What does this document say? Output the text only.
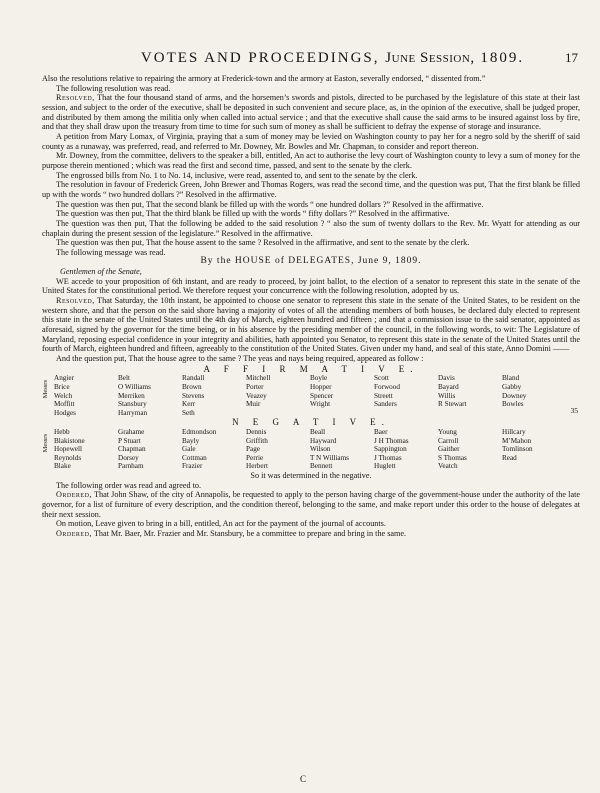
VOTES AND PROCEEDINGS, June Session, 1809.	17

Also the resolutions relative to repairing the armory at Frederick-town and the armory at Easton, severally endorsed, “ dissented from.”

The following resolution was read.

Resolved, That the four thousand stand of arms, and the horsemen’s swords and pistols, directed to be purchased by the legislature of this state at their last session, and subject to the order of the executive, shall be deposited in such convenient and secure place, as, in the opinion of the executive, shall be judged proper, and distributed by them among the militia only when called into actual service ; and that the executive shall cause the said arms to be insured against loss by fire, and that they shall draw upon the treasury from time to time for such sum of money as shall be sufficient to defray the expense of storage and insurance.

A petition from Mary Lomax, of Virginia, praying that a sum of money may be levied on Washington county to pay her for a negro sold by the sheriff of said county as a runaway, was preferred, read, and referred to Mr. Downey, Mr. Bowles and Mr. Chapman, to consider and report thereon.

Mr. Downey, from the committee, delivers to the speaker a bill, entitled, An act to authorise the levy court of Washington county to levy a sum of money for the purpose therein mentioned ; which was read the first and second time, passed, and sent to the senate by the clerk.

The engrossed bills from No. 1 to No. 14, inclusive, were read, assented to, and sent to the senate by the clerk.

The resolution in favour of Frederick Green, John Brewer and Thomas Rogers, was read the second time, and the question was put, That the first blank be filled up with the words “ two hundred dollars ?” Resolved in the affirmative.

The question was then put, That the second blank be filled up with the words “ one hundred dollars ?” Resolved in the affirmative.

The question was then put, That the third blank be filled up with the words “ fifty dollars ?” Resolved in the affirmative.

The question was then put, That the following be added to the said resolution ? “ also the sum of twenty dollars to the Rev. Mr. Wyatt for attending as our chaplain during the present session of the legislature.” Resolved in the affirmative.

The question was then put, That the house assent to the same ? Resolved in the affirmative, and sent to the senate by the clerk.

The following message was read.

By the HOUSE of DELEGATES, June 9, 1809.

Gentlemen of the Senate,

WE accede to your proposition of 6th instant, and are ready to proceed, by joint ballot, to the election of a senator to represent this state in the senate of the United States for the constitutional period. We therefore request your concurrence with the following resolution, adopted by us.

Resolved, That Saturday, the 10th instant, be appointed to choose one senator to represent this state in the senate of the United States, to be resident on the western shore, and that the person on the said shore having a majority of votes of all the attending members of both houses, be declared duly elected to represent this state in the senate of the United States until the 4th day of March, eighteen hundred and fifteen ; and that a commission issue to the said senator, appointed as aforesaid, signed by the governor for the time being, or in his absence by the presiding member of the council, in the following words, to wit: The Legislature of Maryland, reposing especial confidence in your integrity and abilities, hath appointed you Senator, to represent this state in the senate of the United States until the fourth of March, eighteen hundred and fifteen, agreeably to the constitution of the United States. Given under my hand, and seal of this state, Anno Domini ——

And the question put, That the house agree to the same ? The yeas and nays being required, appeared as follow :

A F F I R M A T I V E.
Messrs
Angier
Brice
Welch
Moffitt
Hodges
Belt
O Williams
Merriken
Stansbury
Harryman
Randall
Brown
Stevens
Kerr
Seth
Mitchell
Porter
Veazey
Muir
Boyle
Hopper
Spencer
Wright
Scott
Forwood
Streett
Sanders
Davis
Bayard
Willis
R Stewart
Bland
Gabby
Downey
Bowles
35
N E G A T I V E.
Messrs
Hebb
Blakistone
Hopewell
Reynolds
Blake
Grahame
P Stuart
Chapman
Dorsey
Parnham
Edmondson
Bayly
Gale
Cottman
Frazier
Dennis
Griffith
Page
Perrie
Herbert
Beall
Hayward
Wilson
T N Williams
Bennett
Baer
J H Thomas
Sappington
J Thomas
Huglett
Young
Carroll
Gaither
S Thomas
Veatch
Hillcary
M’Mahon
Tomlinson
Read

So it was determined in the negative.

The following order was read and agreed to.

Ordered, That John Shaw, of the city of Annapolis, be requested to apply to the person having charge of the government-house under the authority of the late governor, for a list of furniture of every description, and the condition thereof, belonging to the same, and make report under this order to the house of delegates at their next session.

On motion, Leave given to bring in a bill, entitled, An act for the payment of the journal of accounts.

Ordered, That Mr. Baer, Mr. Frazier and Mr. Stansbury, be a committee to prepare and bring in the same.

C
